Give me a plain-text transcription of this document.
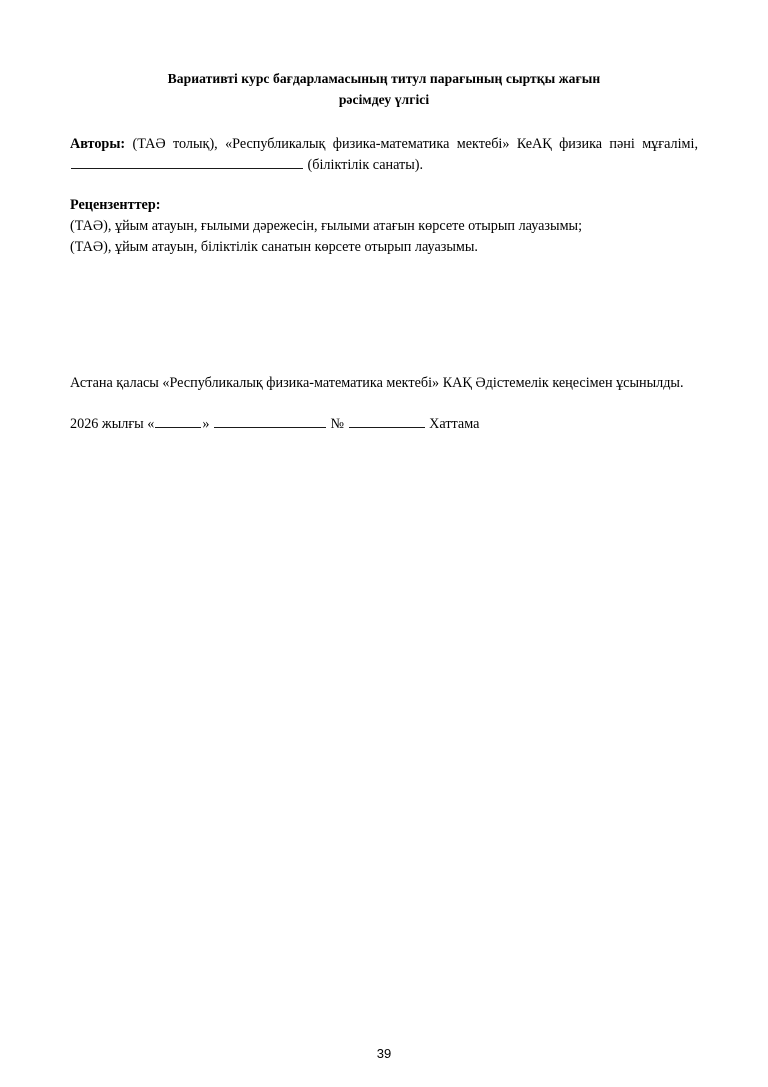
Вариативті курс бағдарламасының титул парағының сыртқы жағын
рәсімдеу үлгісі

Авторы: (ТАӘ толық), «Республикалық физика-математика мектебі» КеАҚ физика пәні мұғалімі,  (біліктілік санаты).

Рецензенттер:

(ТАӘ), ұйым атауын, ғылыми дәрежесін, ғылыми атағын көрсете отырып лауазымы;

(ТАӘ), ұйым атауын, біліктілік санатын көрсете отырып лауазымы.

Астана қаласы «Республикалық физика-математика мектебі» КАҚ Әдістемелік кеңесімен ұсынылды.

2026 жылғы «	»	№	Хаттама

39
